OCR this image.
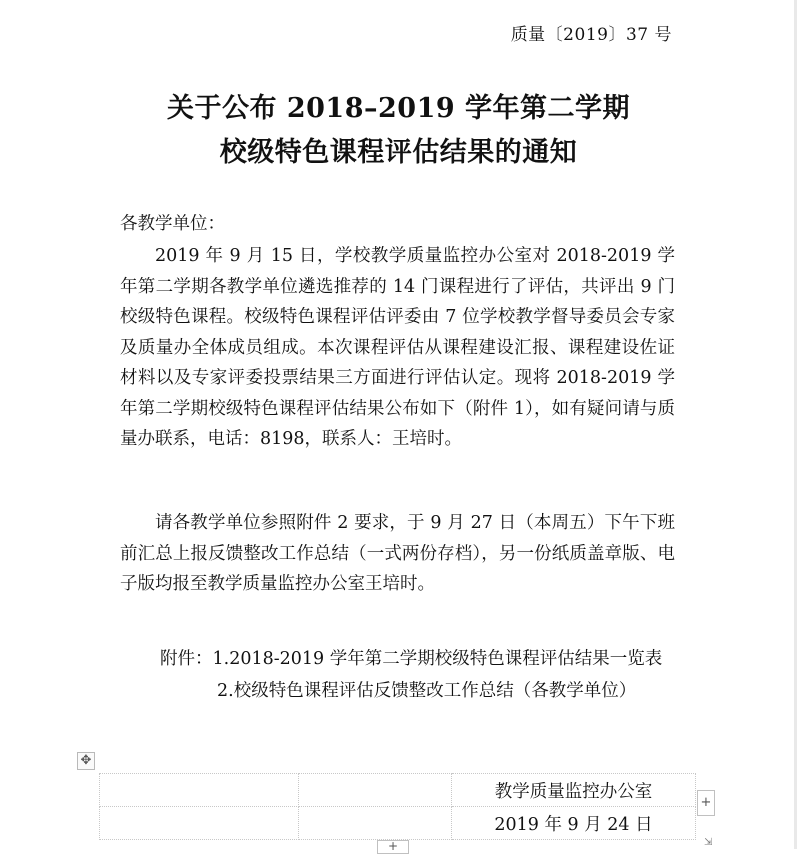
质量〔2019〕37 号
关于公布 2018–2019 学年第二学期
校级特色课程评估结果的通知
各教学单位：
2019 年 9 月 15 日，学校教学质量监控办公室对 2018-2019 学年第二学期各教学单位遴选推荐的 14 门课程进行了评估，共评出 9 门校级特色课程。校级特色课程评估评委由 7 位学校教学督导委员会专家及质量办全体成员组成。本次课程评估从课程建设汇报、课程建设佐证材料以及专家评委投票结果三方面进行评估认定。现将 2018-2019 学年第二学期校级特色课程评估结果公布如下（附件 1），如有疑问请与质量办联系，电话：8198，联系人：王培时。
请各教学单位参照附件 2 要求，于 9 月 27 日（本周五）下午下班前汇总上报反馈整改工作总结（一式两份存档），另一份纸质盖章版、电子版均报至教学质量监控办公室王培时。
附件：1.2018-2019 学年第二学期校级特色课程评估结果一览表
2.校级特色课程评估反馈整改工作总结（各教学单位）
✥
		教学质量监控办公室
		2019 年 9 月 24 日
+
+	⇲
